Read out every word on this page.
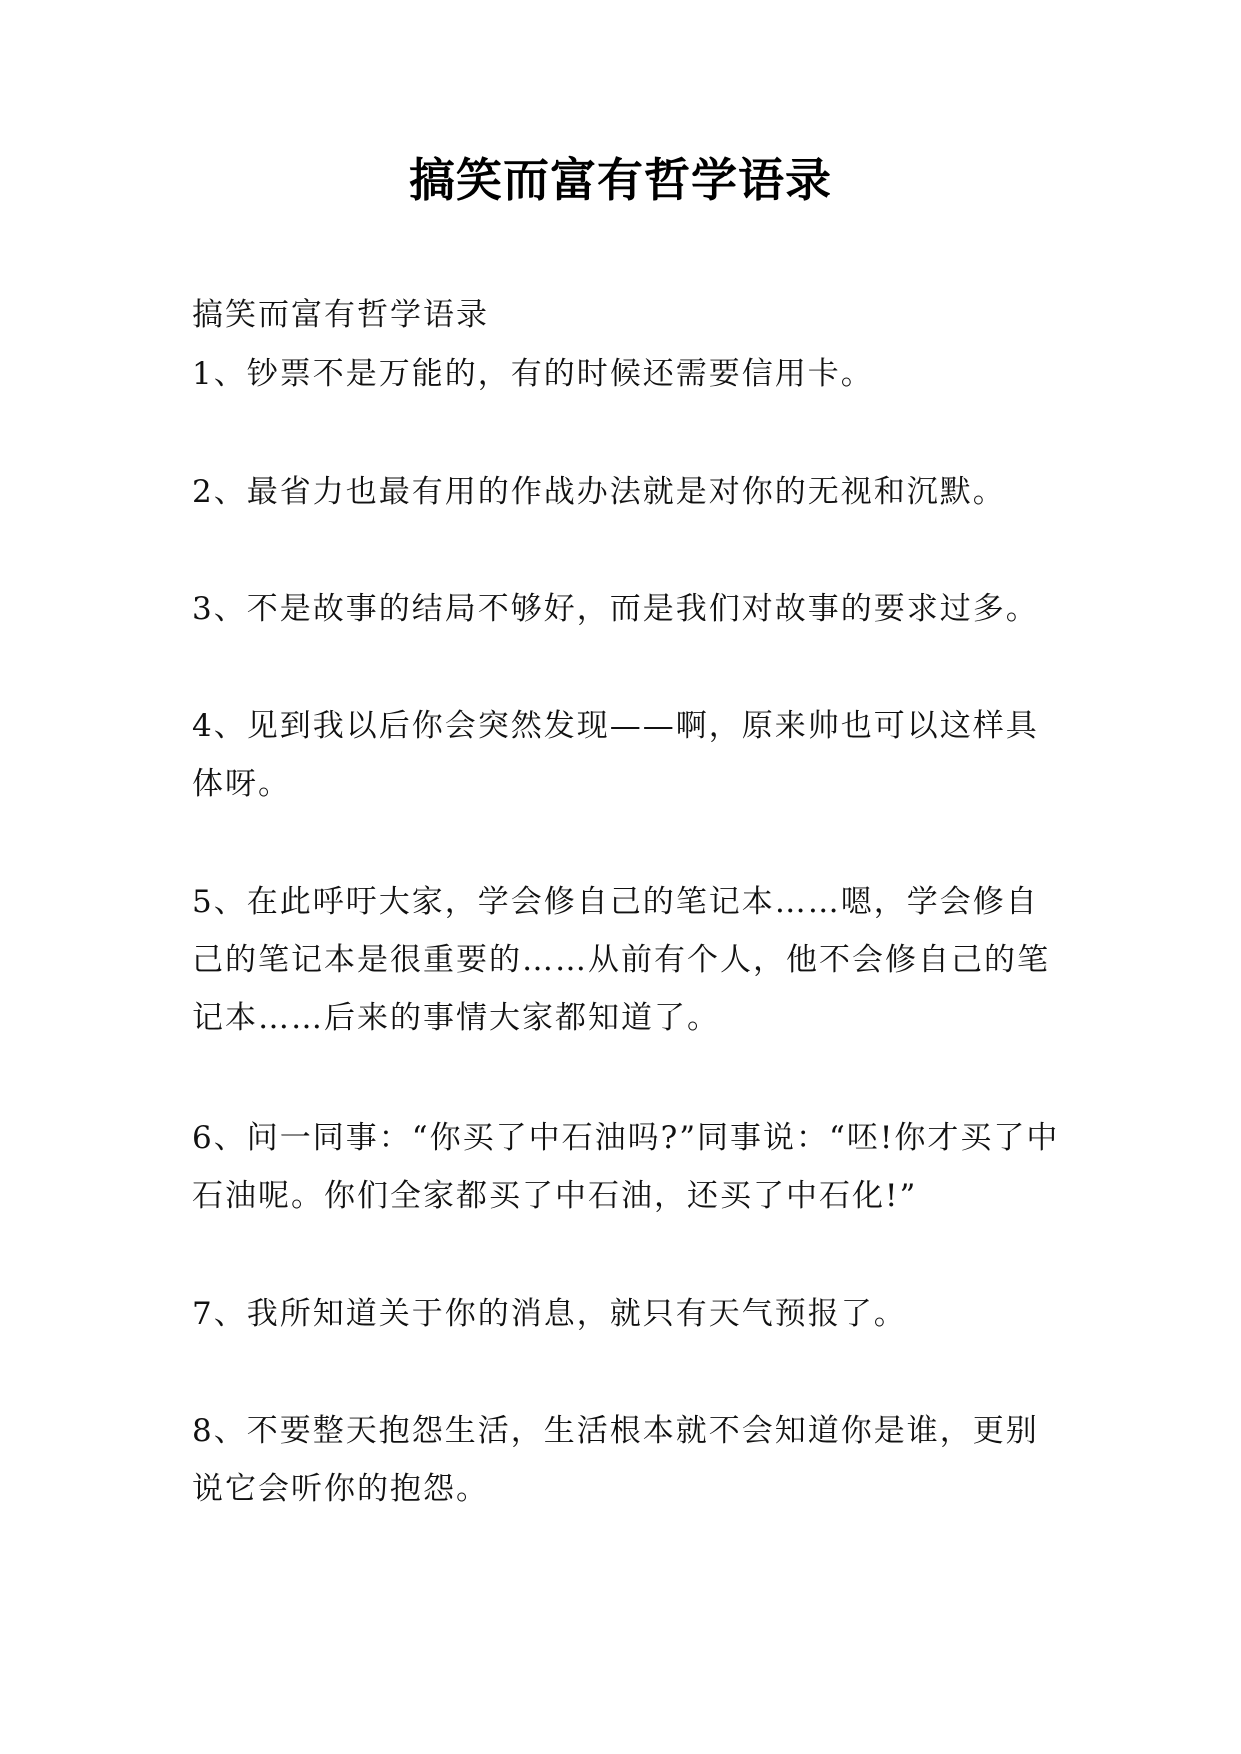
搞笑而富有哲学语录
搞笑而富有哲学语录
1、钞票不是万能的，有的时候还需要信用卡。
2、最省力也最有用的作战办法就是对你的无视和沉默。
3、不是故事的结局不够好，而是我们对故事的要求过多。
4、见到我以后你会突然发现——啊，原来帅也可以这样具体呀。
5、在此呼吁大家，学会修自己的笔记本……嗯，学会修自己的笔记本是很重要的……从前有个人，他不会修自己的笔记本……后来的事情大家都知道了。
6、问一同事：“你买了中石油吗?”同事说：“呸!你才买了中石油呢。你们全家都买了中石油，还买了中石化!”
7、我所知道关于你的消息，就只有天气预报了。
8、不要整天抱怨生活，生活根本就不会知道你是谁，更别说它会听你的抱怨。
